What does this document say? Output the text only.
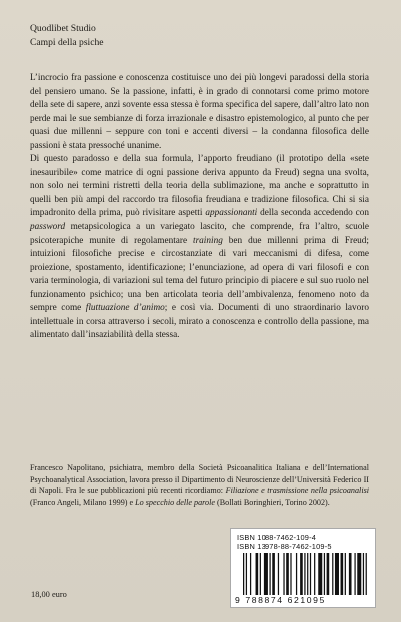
Quodlibet Studio
Campi della psiche

L’incrocio fra passione e conoscenza costituisce uno dei più longevi paradossi della storia del pensiero umano. Se la passione, infatti, è in grado di connotarsi come primo motore della sete di sapere, anzi sovente essa stessa è forma specifica del sapere, dall’altro lato non perde mai le sue sembianze di forza irrazionale e disastro epistemologico, al punto che per quasi due millenni – seppure con toni e accenti diversi – la condanna filosofica delle passioni è stata pressoché unanime.

Di questo paradosso e della sua formula, l’apporto freudiano (il prototipo della «sete inesauribile» come matrice di ogni passione deriva appunto da Freud) segna una svolta, non solo nei termini ristretti della teoria della sublimazione, ma anche e soprattutto in quelli ben più ampi del raccordo tra filosofia freudiana e tradizione filosofica. Chi si sia impadronito della prima, può rivisitare aspetti appassionanti della seconda accedendo con password metapsicologica a un variegato lascito, che comprende, fra l’altro, scuole psicoterapiche munite di regolamentare training ben due millenni prima di Freud; intuizioni filosofiche precise e circostanziate di vari meccanismi di difesa, come proiezione, spostamento, identificazione; l’enunciazione, ad opera di vari filosofi e con varia terminologia, di variazioni sul tema del futuro principio di piacere e sul suo ruolo nel funzionamento psichico; una ben articolata teoria dell’ambivalenza, fenomeno noto da sempre come fluttuazione d’animo; e così via. Documenti di uno straordinario lavoro intellettuale in corsa attraverso i secoli, mirato a conoscenza e controllo della passione, ma alimentato dall’insaziabilità della stessa.

Francesco Napolitano, psichiatra, membro della Società Psicoanalitica Italiana e dell’International Psychoanalytical Association, lavora presso il Dipartimento di Neuroscienze dell’Università Federico II di Napoli. Fra le sue pubblicazioni più recenti ricordiamo: Filiazione e trasmissione nella psicoanalisi (Franco Angeli, Milano 1999) e Lo specchio delle parole (Bollati Boringhieri, Torino 2002).

18,00 euro
ISBN 1088-7462-109-4
ISBN 13978-88-7462-109-5
9 788874 621095
